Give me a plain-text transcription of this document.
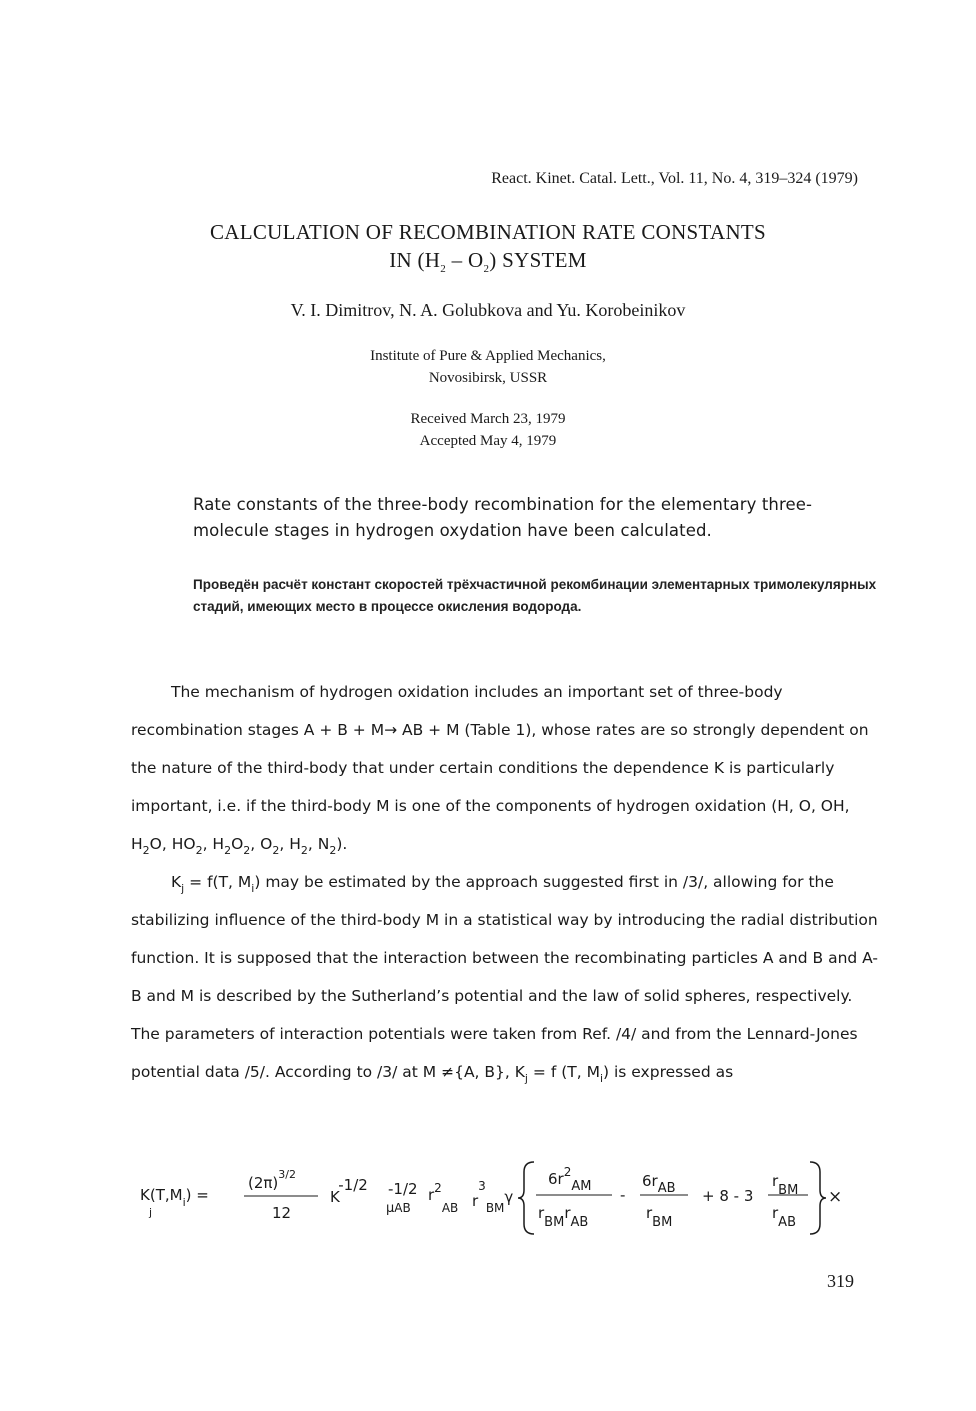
React. Kinet. Catal. Lett., Vol. 11, No. 4, 319–324 (1979)
CALCULATION OF RECOMBINATION RATE CONSTANTS
IN $(H_2 - O_2)$ SYSTEM
V. I. Dimitrov, N. A. Golubkova and Yu. Korobeinikov
Institute of Pure & Applied Mechanics,
Novosibirsk, USSR
Received March 23, 1979
Accepted May 4, 1979
Rate constants of the three-body recombination for the elementary three-molecule stages in hydrogen oxydation have been calculated.
Проведён расчёт констант скоростей трёхчастичной рекомбинации элементарных тримолекулярных стадий, имеющих место в процессе окисления водорода.

The mechanism of hydrogen oxidation includes an important set of three-body recombination stages A + B + M→ AB + M (Table 1), whose rates are so strongly dependent on the nature of the third-body that under certain conditions the dependence K is particularly important, i.e. if the third-body M is one of the components of hydrogen oxidation (H, O, OH, $H_2O$, $HO_2$, $H_2O_2$, $O_2$, $H_2$, $N_2$).

$K_j = f(T$, $M_i$) may be estimated by the approach suggested first in /3/, allowing for the stabilizing influence of the third-body M in a statistical way by introducing the radial distribution function. It is supposed that the interaction between the recombinating particles A and B and A-B and M is described by the Sutherland’s potential and the law of solid spheres, respectively. The parameters of interaction potentials were taken from Ref. /4/ and from the Lennard-Jones potential data /5/. According to /3/ at M ≠{A, B}, $K_j = f$ (T, $M_i$) is expressed as

$K(T,M_i)$ =
j
$(2\pi)^{3/2}$
12
K-1/2 -1/2
μAB
$r^2_{AB}$ $r^3_{BM}\gamma$
$6r^2AM$
rBMrAB
-
6rAB
rBM
+ 8 - 3
rBM
rAB
×
319
